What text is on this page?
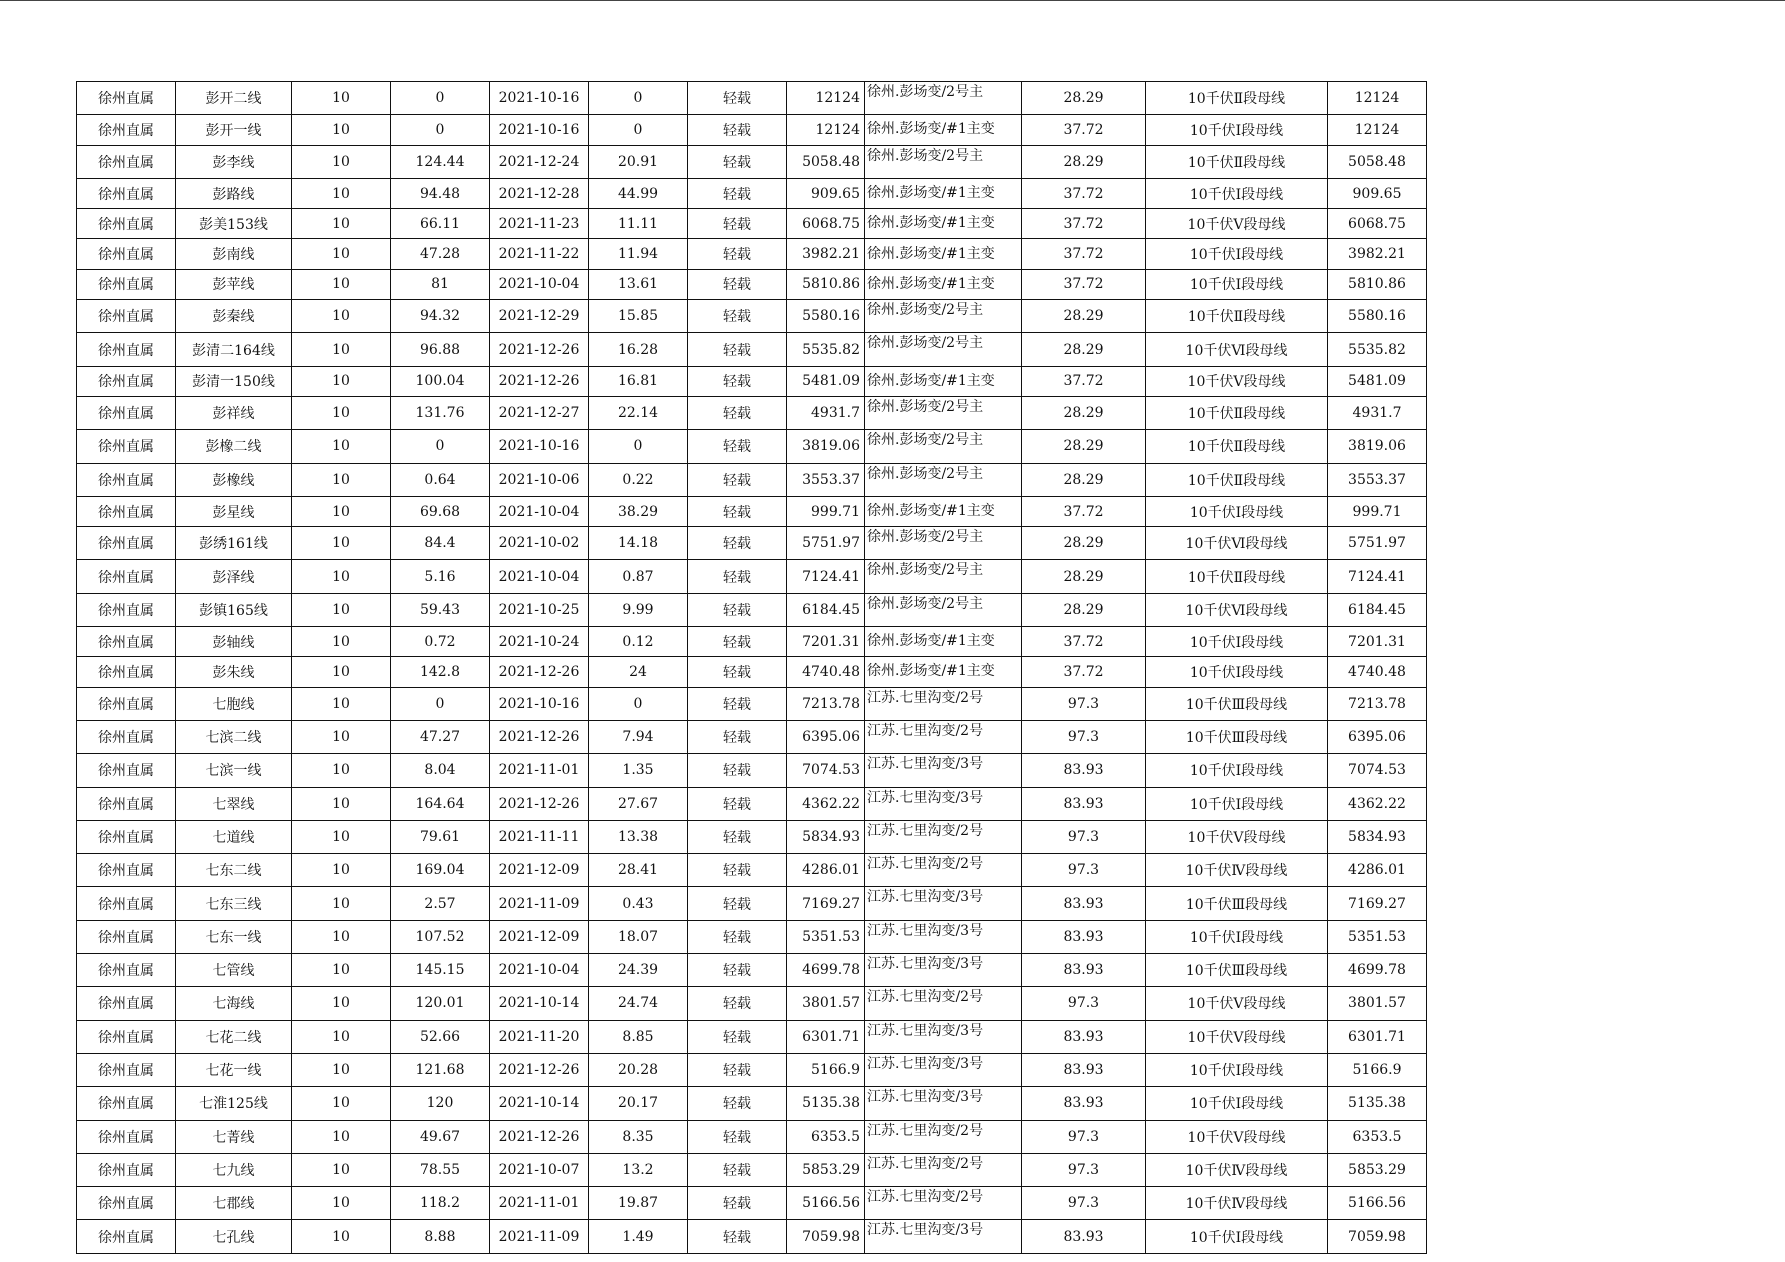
徐州直属	彭开二线	10	0	2021-10-16	0	轻载	12124	徐州.彭场变/2号主	28.29	10千伏Ⅱ段母线	12124
徐州直属	彭开一线	10	0	2021-10-16	0	轻载	12124	徐州.彭场变/#1主变	37.72	10千伏Ⅰ段母线	12124
徐州直属	彭李线	10	124.44	2021-12-24	20.91	轻载	5058.48	徐州.彭场变/2号主	28.29	10千伏Ⅱ段母线	5058.48
徐州直属	彭路线	10	94.48	2021-12-28	44.99	轻载	909.65	徐州.彭场变/#1主变	37.72	10千伏Ⅰ段母线	909.65
徐州直属	彭美153线	10	66.11	2021-11-23	11.11	轻载	6068.75	徐州.彭场变/#1主变	37.72	10千伏Ⅴ段母线	6068.75
徐州直属	彭南线	10	47.28	2021-11-22	11.94	轻载	3982.21	徐州.彭场变/#1主变	37.72	10千伏Ⅰ段母线	3982.21
徐州直属	彭苹线	10	81	2021-10-04	13.61	轻载	5810.86	徐州.彭场变/#1主变	37.72	10千伏Ⅰ段母线	5810.86
徐州直属	彭秦线	10	94.32	2021-12-29	15.85	轻载	5580.16	徐州.彭场变/2号主	28.29	10千伏Ⅱ段母线	5580.16
徐州直属	彭清二164线	10	96.88	2021-12-26	16.28	轻载	5535.82	徐州.彭场变/2号主	28.29	10千伏Ⅵ段母线	5535.82
徐州直属	彭清一150线	10	100.04	2021-12-26	16.81	轻载	5481.09	徐州.彭场变/#1主变	37.72	10千伏Ⅴ段母线	5481.09
徐州直属	彭祥线	10	131.76	2021-12-27	22.14	轻载	4931.7	徐州.彭场变/2号主	28.29	10千伏Ⅱ段母线	4931.7
徐州直属	彭橡二线	10	0	2021-10-16	0	轻载	3819.06	徐州.彭场变/2号主	28.29	10千伏Ⅱ段母线	3819.06
徐州直属	彭橡线	10	0.64	2021-10-06	0.22	轻载	3553.37	徐州.彭场变/2号主	28.29	10千伏Ⅱ段母线	3553.37
徐州直属	彭星线	10	69.68	2021-10-04	38.29	轻载	999.71	徐州.彭场变/#1主变	37.72	10千伏Ⅰ段母线	999.71
徐州直属	彭绣161线	10	84.4	2021-10-02	14.18	轻载	5751.97	徐州.彭场变/2号主	28.29	10千伏Ⅵ段母线	5751.97
徐州直属	彭泽线	10	5.16	2021-10-04	0.87	轻载	7124.41	徐州.彭场变/2号主	28.29	10千伏Ⅱ段母线	7124.41
徐州直属	彭镇165线	10	59.43	2021-10-25	9.99	轻载	6184.45	徐州.彭场变/2号主	28.29	10千伏Ⅵ段母线	6184.45
徐州直属	彭轴线	10	0.72	2021-10-24	0.12	轻载	7201.31	徐州.彭场变/#1主变	37.72	10千伏Ⅰ段母线	7201.31
徐州直属	彭朱线	10	142.8	2021-12-26	24	轻载	4740.48	徐州.彭场变/#1主变	37.72	10千伏Ⅰ段母线	4740.48
徐州直属	七胞线	10	0	2021-10-16	0	轻载	7213.78	江苏.七里沟变/2号	97.3	10千伏Ⅲ段母线	7213.78
徐州直属	七滨二线	10	47.27	2021-12-26	7.94	轻载	6395.06	江苏.七里沟变/2号	97.3	10千伏Ⅲ段母线	6395.06
徐州直属	七滨一线	10	8.04	2021-11-01	1.35	轻载	7074.53	江苏.七里沟变/3号	83.93	10千伏Ⅰ段母线	7074.53
徐州直属	七翠线	10	164.64	2021-12-26	27.67	轻载	4362.22	江苏.七里沟变/3号	83.93	10千伏Ⅰ段母线	4362.22
徐州直属	七道线	10	79.61	2021-11-11	13.38	轻载	5834.93	江苏.七里沟变/2号	97.3	10千伏Ⅴ段母线	5834.93
徐州直属	七东二线	10	169.04	2021-12-09	28.41	轻载	4286.01	江苏.七里沟变/2号	97.3	10千伏Ⅳ段母线	4286.01
徐州直属	七东三线	10	2.57	2021-11-09	0.43	轻载	7169.27	江苏.七里沟变/3号	83.93	10千伏Ⅲ段母线	7169.27
徐州直属	七东一线	10	107.52	2021-12-09	18.07	轻载	5351.53	江苏.七里沟变/3号	83.93	10千伏Ⅰ段母线	5351.53
徐州直属	七管线	10	145.15	2021-10-04	24.39	轻载	4699.78	江苏.七里沟变/3号	83.93	10千伏Ⅲ段母线	4699.78
徐州直属	七海线	10	120.01	2021-10-14	24.74	轻载	3801.57	江苏.七里沟变/2号	97.3	10千伏Ⅴ段母线	3801.57
徐州直属	七花二线	10	52.66	2021-11-20	8.85	轻载	6301.71	江苏.七里沟变/3号	83.93	10千伏Ⅴ段母线	6301.71
徐州直属	七花一线	10	121.68	2021-12-26	20.28	轻载	5166.9	江苏.七里沟变/3号	83.93	10千伏Ⅰ段母线	5166.9
徐州直属	七淮125线	10	120	2021-10-14	20.17	轻载	5135.38	江苏.七里沟变/3号	83.93	10千伏Ⅰ段母线	5135.38
徐州直属	七菁线	10	49.67	2021-12-26	8.35	轻载	6353.5	江苏.七里沟变/2号	97.3	10千伏Ⅴ段母线	6353.5
徐州直属	七九线	10	78.55	2021-10-07	13.2	轻载	5853.29	江苏.七里沟变/2号	97.3	10千伏Ⅳ段母线	5853.29
徐州直属	七郡线	10	118.2	2021-11-01	19.87	轻载	5166.56	江苏.七里沟变/2号	97.3	10千伏Ⅳ段母线	5166.56
徐州直属	七孔线	10	8.88	2021-11-09	1.49	轻载	7059.98	江苏.七里沟变/3号	83.93	10千伏Ⅰ段母线	7059.98
